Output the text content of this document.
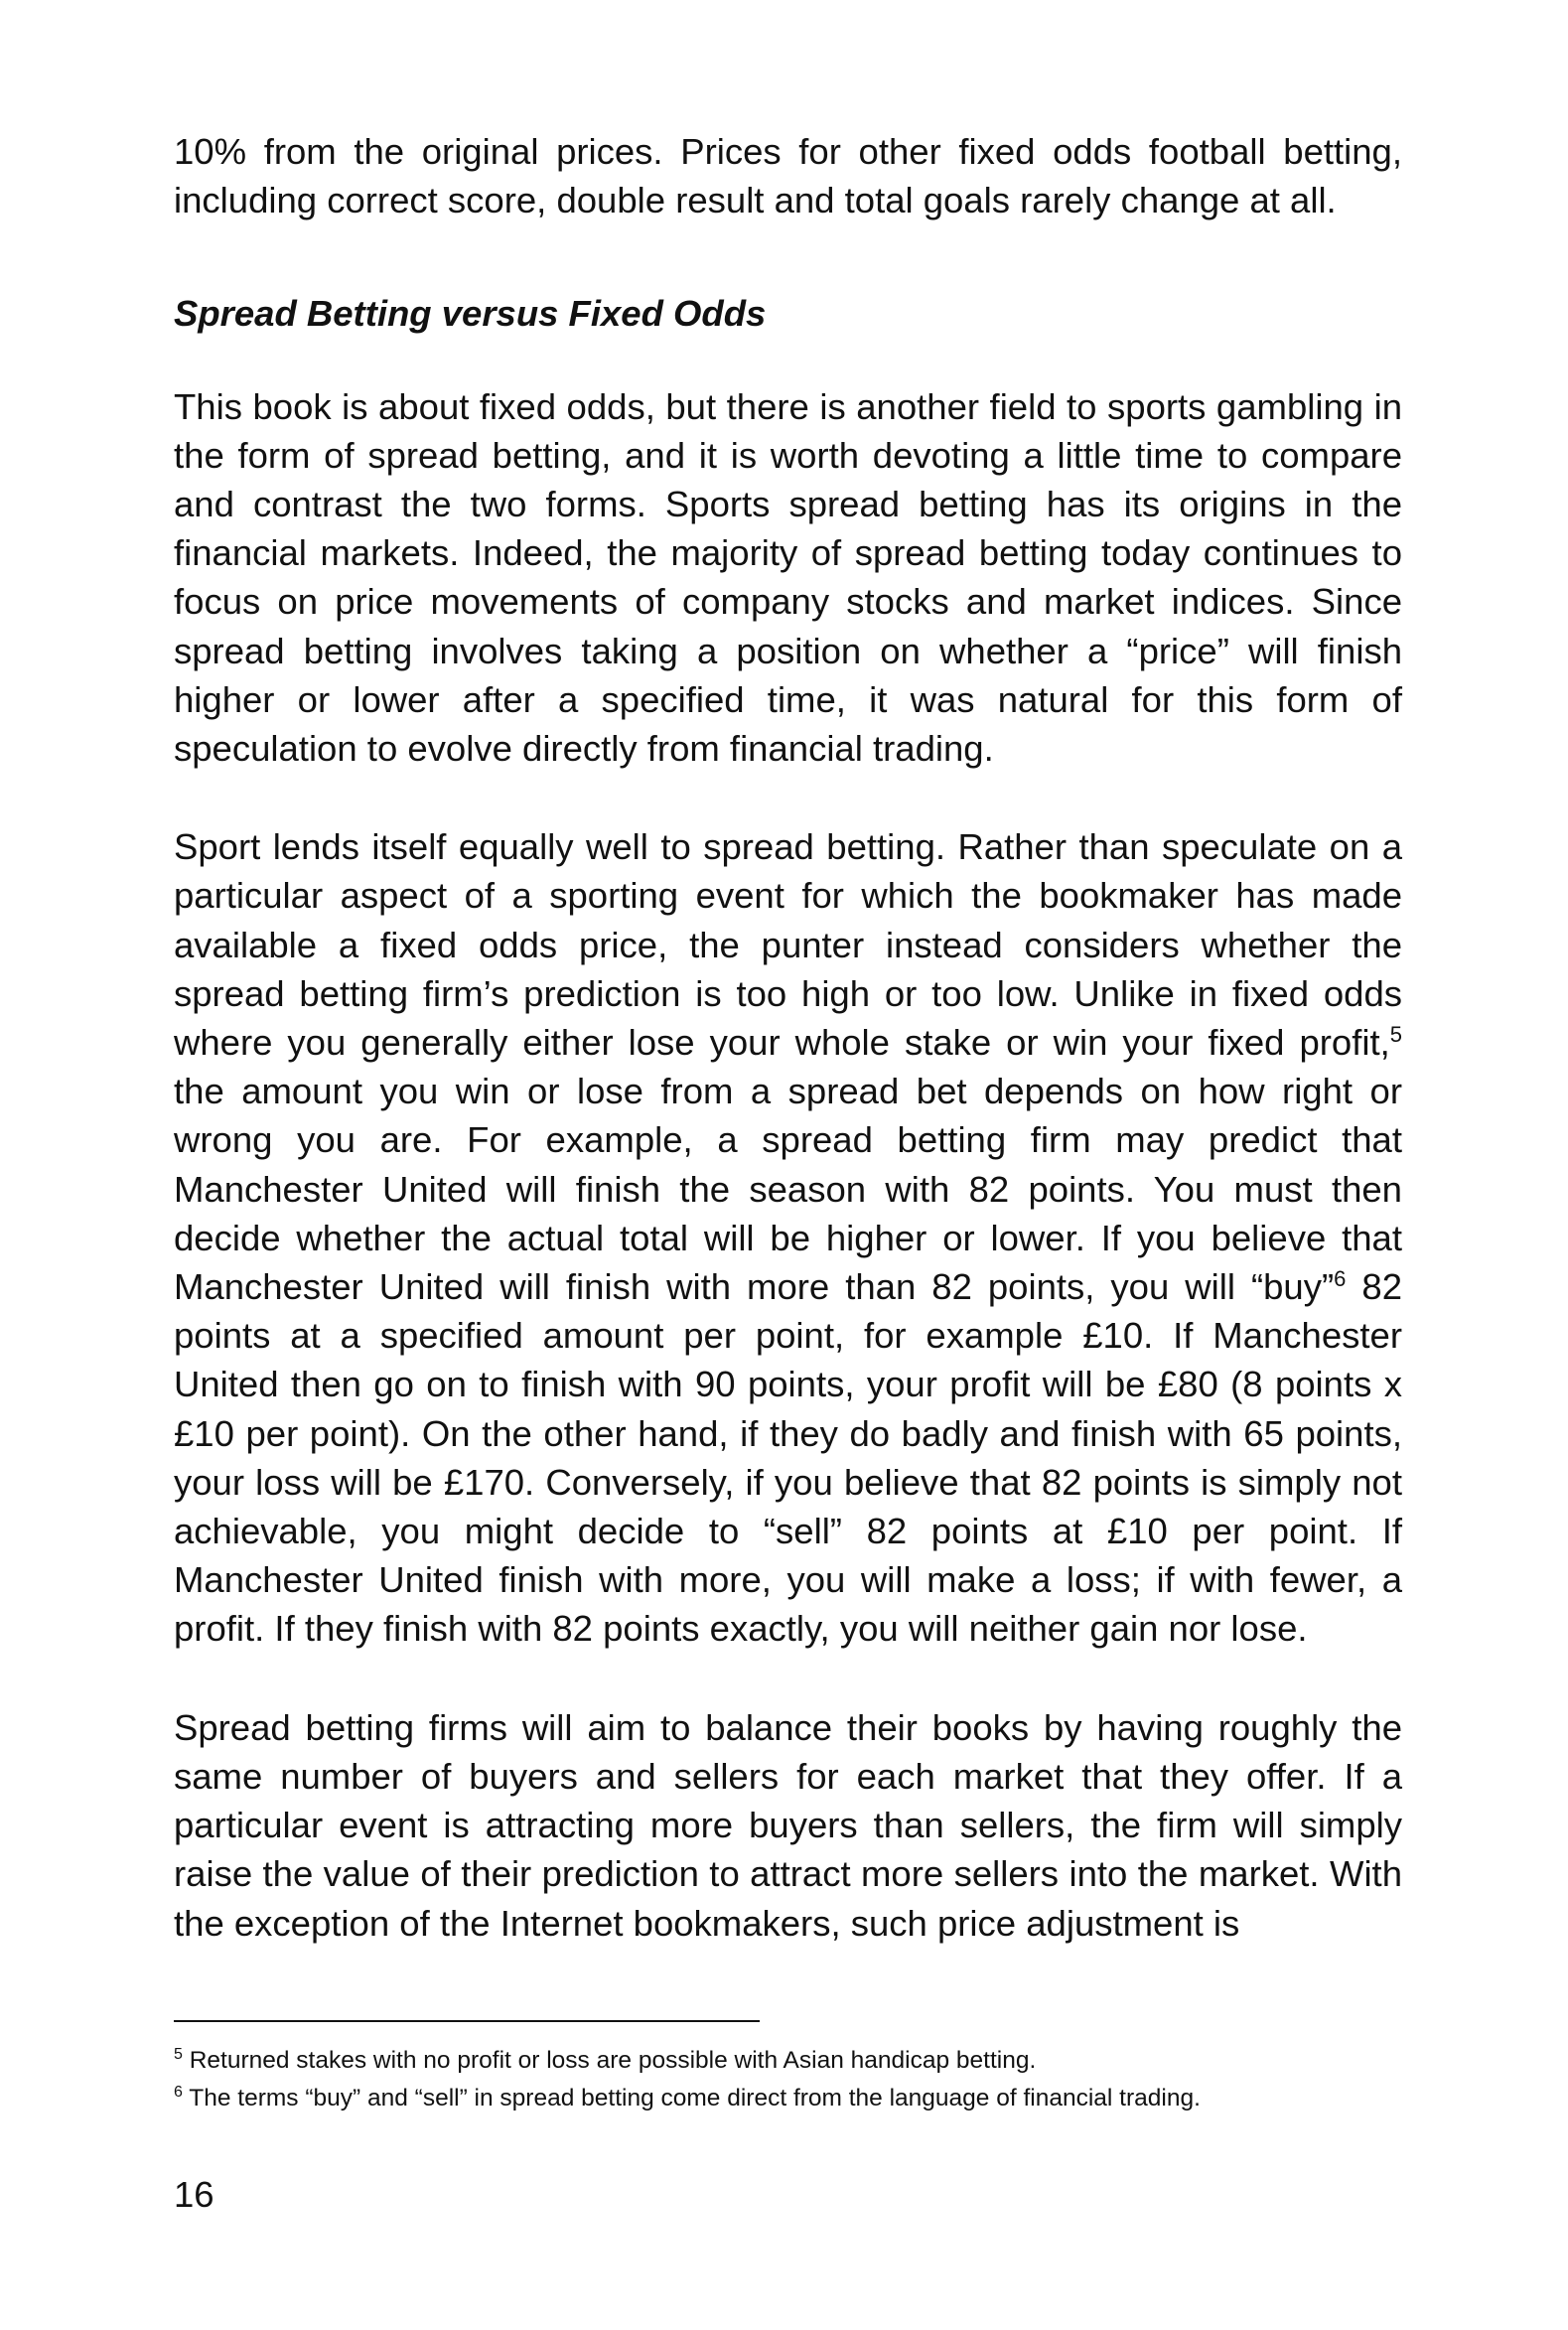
10% from the original prices. Prices for other fixed odds football betting, including correct score, double result and total goals rarely change at all.

Spread Betting versus Fixed Odds

This book is about fixed odds, but there is another field to sports gambling in the form of spread betting, and it is worth devoting a little time to compare and contrast the two forms. Sports spread betting has its origins in the financial markets. Indeed, the majority of spread betting today continues to focus on price movements of company stocks and market indices. Since spread betting involves taking a position on whether a “price” will finish higher or lower after a specified time, it was natural for this form of speculation to evolve directly from financial trading.

Sport lends itself equally well to spread betting. Rather than speculate on a particular aspect of a sporting event for which the bookmaker has made available a fixed odds price, the punter instead considers whether the spread betting firm’s prediction is too high or too low. Unlike in fixed odds where you generally either lose your whole stake or win your fixed profit,$^5$ the amount you win or lose from a spread bet depends on how right or wrong you are. For example, a spread betting firm may predict that Manchester United will finish the season with 82 points. You must then decide whether the actual total will be higher or lower. If you believe that Manchester United will finish with more than 82 points, you will “buy”$^6$ 82 points at a specified amount per point, for example £10. If Manchester United then go on to finish with 90 points, your profit will be £80 (8 points x £10 per point). On the other hand, if they do badly and finish with 65 points, your loss will be £170. Conversely, if you believe that 82 points is simply not achievable, you might decide to “sell” 82 points at £10 per point. If Manchester United finish with more, you will make a loss; if with fewer, a profit. If they finish with 82 points exactly, you will neither gain nor lose.

Spread betting firms will aim to balance their books by having roughly the same number of buyers and sellers for each market that they offer. If a particular event is attracting more buyers than sellers, the firm will simply raise the value of their prediction to attract more sellers into the market. With the exception of the Internet bookmakers, such price adjustment is

$^5$ Returned stakes with no profit or loss are possible with Asian handicap betting.

$^6$ The terms “buy” and “sell” in spread betting come direct from the language of financial trading.

16
